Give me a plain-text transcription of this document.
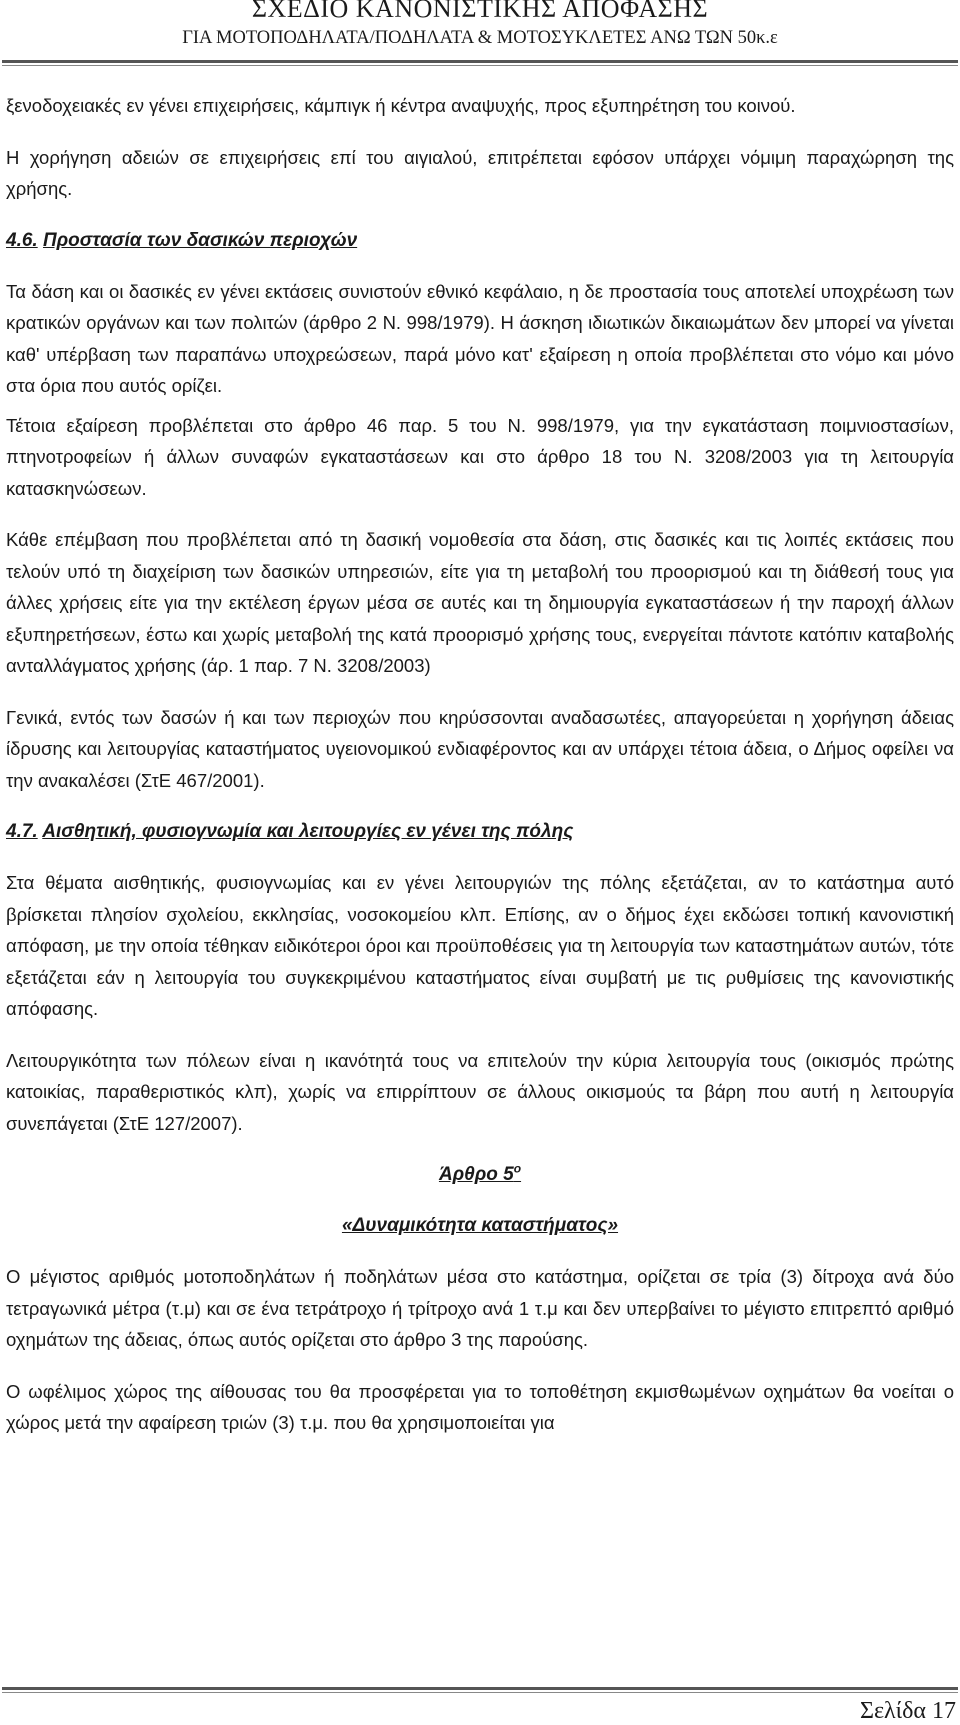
ΣΧΕΔΙΟ ΚΑΝΟΝΙΣΤΙΚΗΣ ΑΠΟΦΑΣΗΣ
ΓΙΑ ΜΟΤΟΠΟΔΗΛΑΤΑ/ΠΟΔΗΛΑΤΑ & ΜΟΤΟΣΥΚΛΕΤΕΣ ΑΝΩ ΤΩΝ 50κ.ε

ξενοδοχειακές εν γένει επιχειρήσεις, κάμπιγκ ή κέντρα αναψυχής, προς εξυπηρέτηση του κοινού.

Η χορήγηση αδειών σε επιχειρήσεις επί του αιγιαλού, επιτρέπεται εφόσον υπάρχει νόμιμη παραχώρηση της χρήσης.

4.6. Προστασία των δασικών περιοχών

Τα δάση και οι δασικές εν γένει εκτάσεις συνιστούν εθνικό κεφάλαιο, η δε προστασία τους αποτελεί υποχρέωση των κρατικών οργάνων και των πολιτών (άρθρο 2 Ν. 998/1979). Η άσκηση ιδιωτικών δικαιωμάτων δεν μπορεί να γίνεται καθ' υπέρβαση των παραπάνω υποχρεώσεων, παρά μόνο κατ' εξαίρεση η οποία προβλέπεται στο νόμο και μόνο στα όρια που αυτός ορίζει.

Τέτοια εξαίρεση προβλέπεται στο άρθρο 46 παρ. 5 του Ν. 998/1979, για την εγκατάσταση ποιμνιοστασίων, πτηνοτροφείων ή άλλων συναφών εγκαταστάσεων και στο άρθρο 18 του Ν. 3208/2003 για τη λειτουργία κατασκηνώσεων.

Κάθε επέμβαση που προβλέπεται από τη δασική νομοθεσία στα δάση, στις δασικές και τις λοιπές εκτάσεις που τελούν υπό τη διαχείριση των δασικών υπηρεσιών, είτε για τη μεταβολή του προορισμού και τη διάθεσή τους για άλλες χρήσεις είτε για την εκτέλεση έργων μέσα σε αυτές και τη δημιουργία εγκαταστάσεων ή την παροχή άλλων εξυπηρετήσεων, έστω και χωρίς μεταβολή της κατά προορισμό χρήσης τους, ενεργείται πάντοτε κατόπιν καταβολής ανταλλάγματος χρήσης (άρ. 1 παρ. 7 Ν. 3208/2003)

Γενικά, εντός των δασών ή και των περιοχών που κηρύσσονται αναδασωτέες, απαγορεύεται η χορήγηση άδειας ίδρυσης και λειτουργίας καταστήματος υγειονομικού ενδιαφέροντος και αν υπάρχει τέτοια άδεια, ο Δήμος οφείλει να την ανακαλέσει (ΣτΕ 467/2001).

4.7. Αισθητική, φυσιογνωμία και λειτουργίες εν γένει της πόλης

Στα θέματα αισθητικής, φυσιογνωμίας και εν γένει λειτουργιών της πόλης εξετάζεται, αν το κατάστημα αυτό βρίσκεται πλησίον σχολείου, εκκλησίας, νοσοκομείου κλπ. Επίσης, αν ο δήμος έχει εκδώσει τοπική κανονιστική απόφαση, με την οποία τέθηκαν ειδικότεροι όροι και προϋποθέσεις για τη λειτουργία των καταστημάτων αυτών, τότε εξετάζεται εάν η λειτουργία του συγκεκριμένου καταστήματος είναι συμβατή με τις ρυθμίσεις της κανονιστικής απόφασης.

Λειτουργικότητα των πόλεων είναι η ικανότητά τους να επιτελούν την κύρια λειτουργία τους (οικισμός πρώτης κατοικίας, παραθεριστικός κλπ), χωρίς να επιρρίπτουν σε άλλους οικισμούς τα βάρη που αυτή η λειτουργία συνεπάγεται (ΣτΕ 127/2007).

Άρθρο $5^o$
«Δυναμικότητα καταστήματος»

Ο μέγιστος αριθμός μοτοποδηλάτων ή ποδηλάτων μέσα στο κατάστημα, ορίζεται σε τρία (3) δίτροχα ανά δύο τετραγωνικά μέτρα (τ.μ) και σε ένα τετράτροχο ή τρίτροχο ανά 1 τ.μ και δεν υπερβαίνει το μέγιστο επιτρεπτό αριθμό οχημάτων της άδειας, όπως αυτός ορίζεται στο άρθρο 3 της παρούσης.

Ο ωφέλιμος χώρος της αίθουσας του θα προσφέρεται για το τοποθέτηση εκμισθωμένων οχημάτων θα νοείται ο χώρος μετά την αφαίρεση τριών (3) τ.μ. που θα χρησιμοποιείται για

Σελίδα 17
